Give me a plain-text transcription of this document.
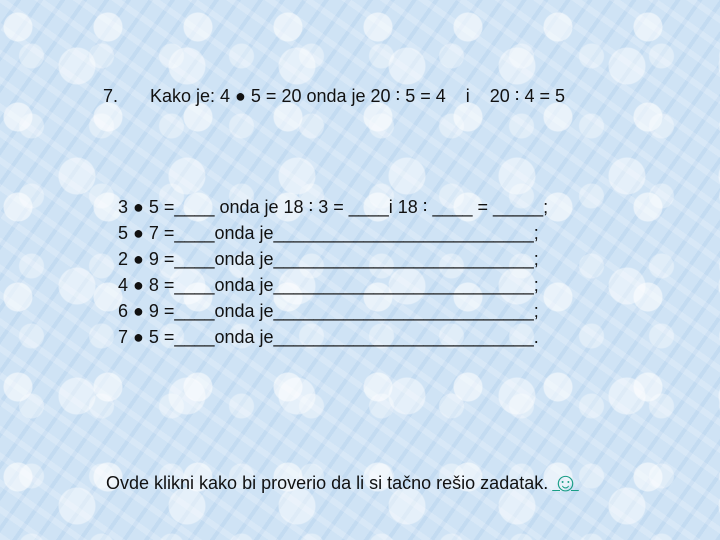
7. Kako je: 4 ● 5 = 20 onda je 20 ∶ 5 = 4    i    20 ∶ 4 = 5
3 ● 5 =____ onda je 18 ∶ 3 = ____i 18 ∶ ____ = _____;
5 ● 7 =____onda je__________________________;
2 ● 9 =____onda je__________________________;
4 ● 8 =____onda je__________________________;
6 ● 9 =____onda je__________________________;
7 ● 5 =____onda je__________________________.

Ovde klikni kako bi proverio da li si tačno rešio zadatak. ☺
